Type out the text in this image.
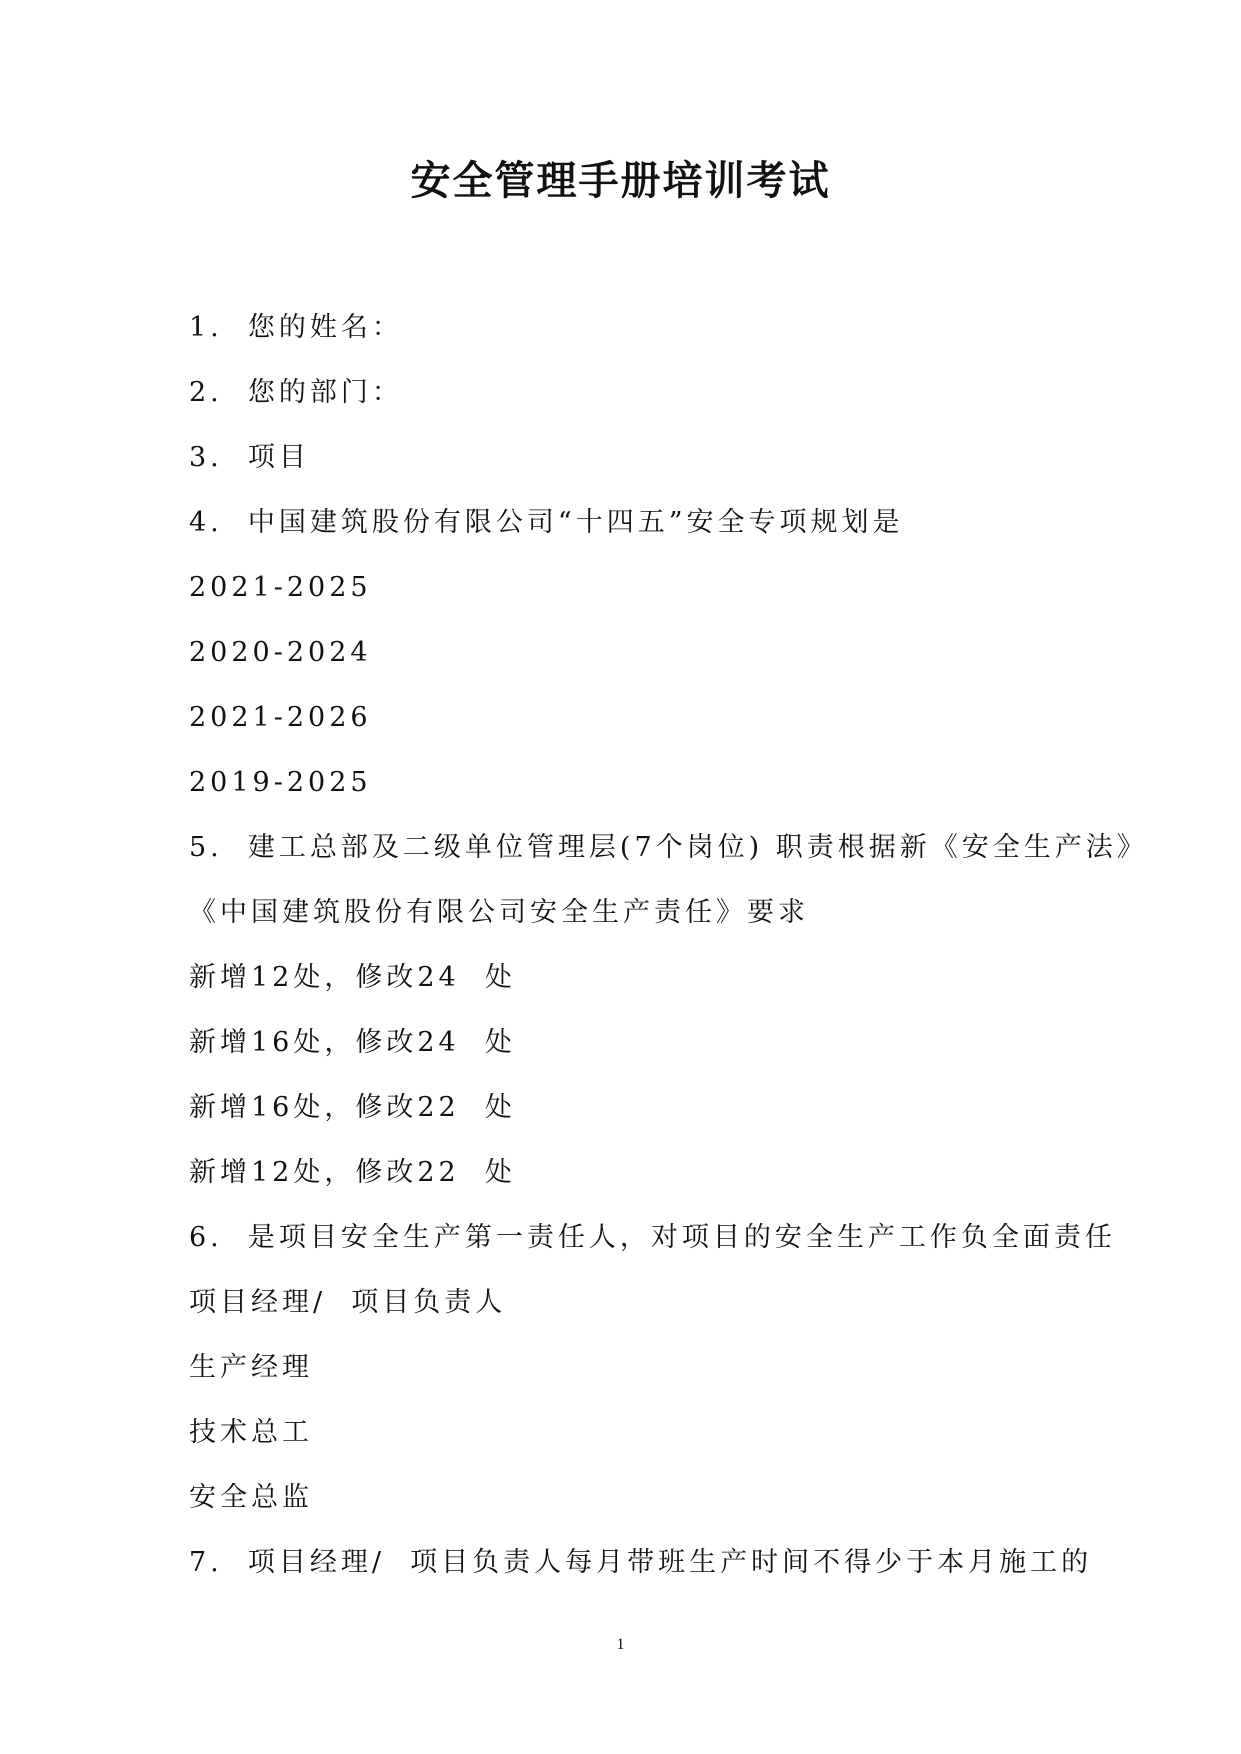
安全管理手册培训考试
1.  您的姓名：
2.  您的部门：
3.  项目
4.  中国建筑股份有限公司“十四五”安全专项规划是
2021-2025
2020-2024
2021-2026
2019-2025
5.  建工总部及二级单位管理层(7个岗位) 职责根据新《安全生产法》
《中国建筑股份有限公司安全生产责任》要求
新增12处，修改24  处
新增16处，修改24  处
新增16处，修改22  处
新增12处，修改22  处
6.  是项目安全生产第一责任人，对项目的安全生产工作负全面责任
项目经理/  项目负责人
生产经理
技术总工
安全总监
7.  项目经理/  项目负责人每月带班生产时间不得少于本月施工的
1
